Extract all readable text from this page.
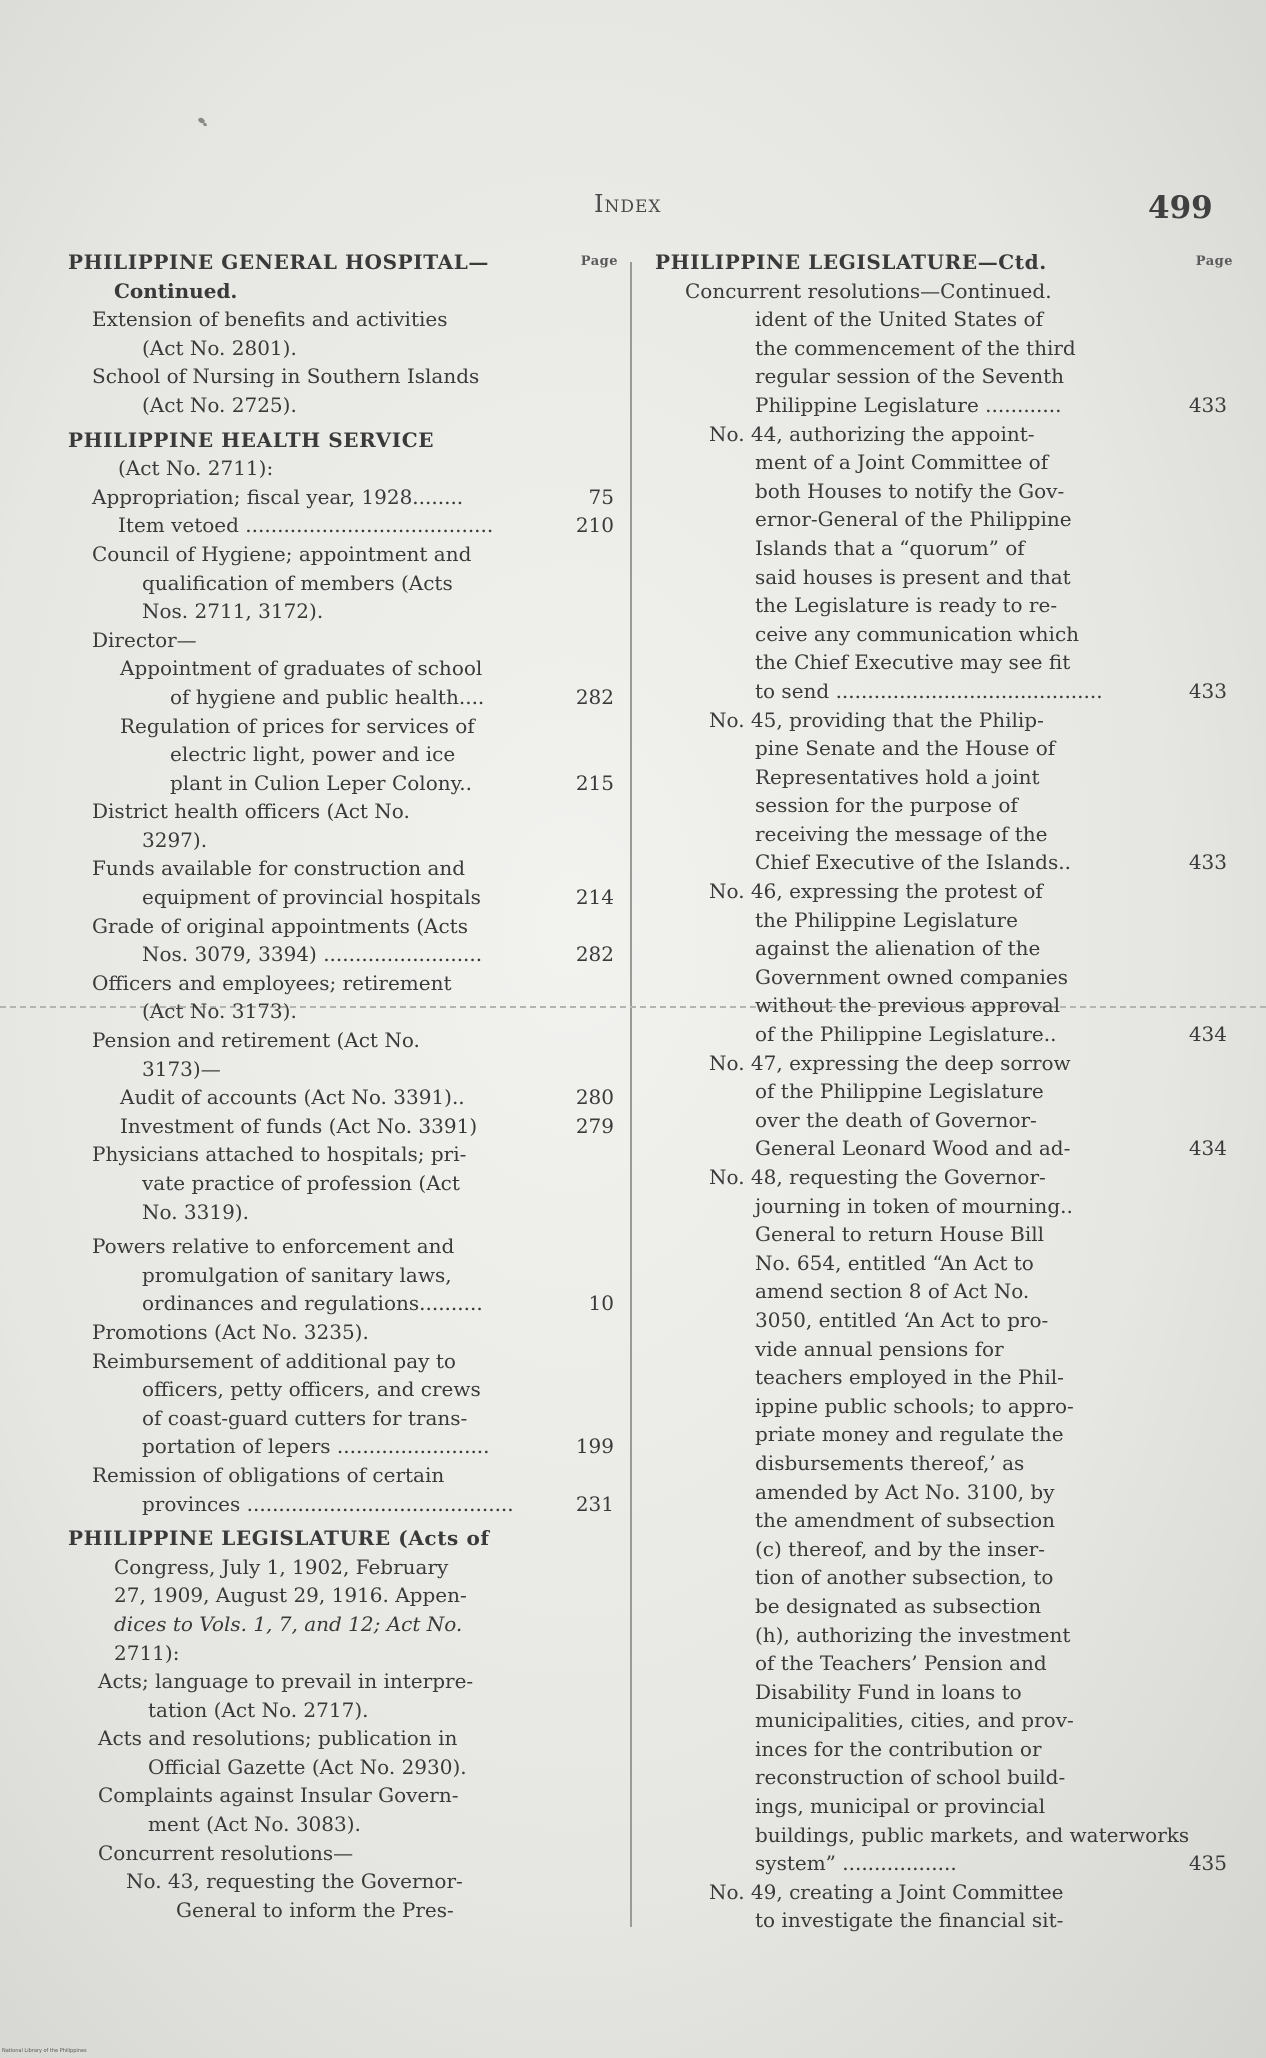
Index	499
PHILIPPINE GENERAL HOSPITAL—	Page
Continued.
Extension of benefits and activities
(Act No. 2801).
School of Nursing in Southern Islands
(Act No. 2725).
PHILIPPINE HEALTH SERVICE
(Act No. 2711):
Appropriation; fiscal year, 1928........	75
Item vetoed .......................................	210
Council of Hygiene; appointment and
qualification of members (Acts
Nos. 2711, 3172).
Director—
Appointment of graduates of school
of hygiene and public health....	282
Regulation of prices for services of
electric light, power and ice
plant in Culion Leper Colony..	215
District health officers (Act No.
3297).
Funds available for construction and
equipment of provincial hospitals	214
Grade of original appointments (Acts
Nos. 3079, 3394) .........................	282
Officers and employees; retirement
(Act No. 3173).
Pension and retirement (Act No.
3173)—
Audit of accounts (Act No. 3391)..	280
Investment of funds (Act No. 3391)	279
Physicians attached to hospitals; pri-
vate practice of profession (Act
No. 3319).
Powers relative to enforcement and
promulgation of sanitary laws,
ordinances and regulations..........	10
Promotions (Act No. 3235).
Reimbursement of additional pay to
officers, petty officers, and crews
of coast-guard cutters for trans-
portation of lepers ........................	199
Remission of obligations of certain
provinces ..........................................	231
PHILIPPINE LEGISLATURE (Acts of
Congress, July 1, 1902, February
27, 1909, August 29, 1916. Appen-
dices to Vols. 1, 7, and 12; Act No.
2711):
Acts; language to prevail in interpre-
tation (Act No. 2717).
Acts and resolutions; publication in
Official Gazette (Act No. 2930).
Complaints against Insular Govern-
ment (Act No. 3083).
Concurrent resolutions—
No. 43, requesting the Governor-
General to inform the Pres-
PHILIPPINE LEGISLATURE—Ctd.	Page
Concurrent resolutions—Continued.
ident of the United States of
the commencement of the third
regular session of the Seventh
Philippine Legislature ............	433
No. 44, authorizing the appoint-
ment of a Joint Committee of
both Houses to notify the Gov-
ernor-General of the Philippine
Islands that a “quorum” of
said houses is present and that
the Legislature is ready to re-
ceive any communication which
the Chief Executive may see fit
to send ..........................................	433
No. 45, providing that the Philip-
pine Senate and the House of
Representatives hold a joint
session for the purpose of
receiving the message of the
Chief Executive of the Islands..	433
No. 46, expressing the protest of
the Philippine Legislature
against the alienation of the
Government owned companies
without the previous approval
of the Philippine Legislature..	434
No. 47, expressing the deep sorrow
of the Philippine Legislature
over the death of Governor-
General Leonard Wood and ad-	434
No. 48, requesting the Governor-
journing in token of mourning..
General to return House Bill
No. 654, entitled “An Act to
amend section 8 of Act No.
3050, entitled ‘An Act to pro-
vide annual pensions for
teachers employed in the Phil-
ippine public schools; to appro-
priate money and regulate the
disbursements thereof,’ as
amended by Act No. 3100, by
the amendment of subsection
(c) thereof, and by the inser-
tion of another subsection, to
be designated as subsection
(h), authorizing the investment
of the Teachers’ Pension and
Disability Fund in loans to
municipalities, cities, and prov-
inces for the contribution or
reconstruction of school build-
ings, municipal or provincial
buildings, public markets, and waterworks system” ..................	435
No. 49, creating a Joint Committee
to investigate the financial sit-
National Library of the Philippines
